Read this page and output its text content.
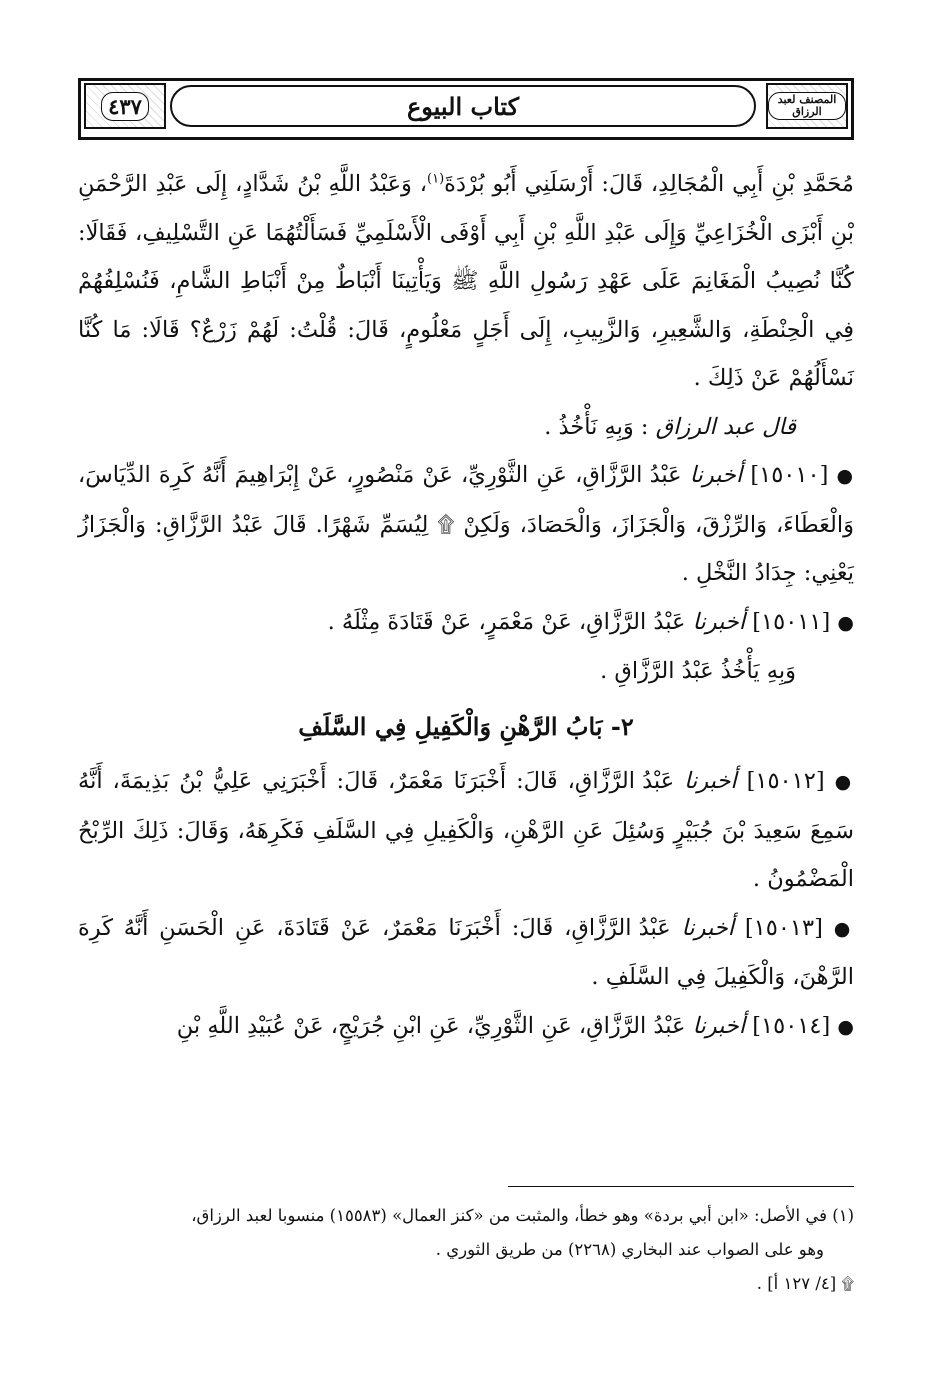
٤٣٧	كتاب البيوع	المصنف لعبد الرزاق

مُحَمَّدِ بْنِ أَبِي الْمُجَالِدِ، قَالَ: أَرْسَلَنِي أَبُو بُرْدَةَ$^{(١)}$، وَعَبْدُ اللَّهِ بْنُ شَدَّادٍ، إِلَى عَبْدِ الرَّحْمَنِ بْنِ أَبْزَى الْخُزَاعِيِّ وَإِلَى عَبْدِ اللَّهِ بْنِ أَبِي أَوْفَى الْأَسْلَمِيِّ فَسَأَلْتُهُمَا عَنِ التَّسْلِيفِ، فَقَالَا: كُنَّا نُصِيبُ الْمَغَانِمَ عَلَى عَهْدِ رَسُولِ اللَّهِ ﷺ وَيَأْتِينَا أَنْبَاطٌ مِنْ أَنْبَاطِ الشَّامِ، فَنُسْلِفُهُمْ فِي الْحِنْطَةِ، وَالشَّعِيرِ، وَالزَّبِيبِ، إِلَى أَجَلٍ مَعْلُومٍ، قَالَ: قُلْتُ: لَهُمْ زَرْعٌ؟ قَالَا: مَا كُنَّا نَسْأَلُهُمْ عَنْ ذَلِكَ .

قال عبد الرزاق : وَبِهِ نَأْخُذُ .

● [١٥٠١٠] أخبرنا عَبْدُ الرَّزَّاقِ، عَنِ الثَّوْرِيِّ، عَنْ مَنْصُورٍ، عَنْ إِبْرَاهِيمَ أَنَّهُ كَرِهَ الدِّيَاسَ، وَالْعَطَاءَ، وَالرِّزْقَ، وَالْجَزَازَ، وَالْحَصَادَ، وَلَكِنْ ۩ لِيُسَمِّ شَهْرًا. قَالَ عَبْدُ الرَّزَّاقِ: وَالْجَزَازُ يَعْنِي: جِدَادُ النَّخْلِ .

● [١٥٠١١] أخبرنا عَبْدُ الرَّزَّاقِ، عَنْ مَعْمَرٍ، عَنْ قَتَادَةَ مِثْلَهُ .

وَبِهِ يَأْخُذُ عَبْدُ الرَّزَّاقِ .

٢- بَابُ الرَّهْنِ وَالْكَفِيلِ فِي السَّلَفِ

● [١٥٠١٢] أخبرنا عَبْدُ الرَّزَّاقِ، قَالَ: أَخْبَرَنَا مَعْمَرٌ، قَالَ: أَخْبَرَنِي عَلِيُّ بْنُ بَذِيمَةَ، أَنَّهُ سَمِعَ سَعِيدَ بْنَ جُبَيْرٍ وَسُئِلَ عَنِ الرَّهْنِ، وَالْكَفِيلِ فِي السَّلَفِ فَكَرِهَهُ، وَقَالَ: ذَلِكَ الرِّبْحُ الْمَضْمُونُ .

● [١٥٠١٣] أخبرنا عَبْدُ الرَّزَّاقِ، قَالَ: أَخْبَرَنَا مَعْمَرٌ، عَنْ قَتَادَةَ، عَنِ الْحَسَنِ أَنَّهُ كَرِهَ الرَّهْنَ، وَالْكَفِيلَ فِي السَّلَفِ .

● [١٥٠١٤] أخبرنا عَبْدُ الرَّزَّاقِ، عَنِ الثَّوْرِيِّ، عَنِ ابْنِ جُرَيْجٍ، عَنْ عُبَيْدِ اللَّهِ بْنِ

(١) في الأصل: «ابن أبي بردة» وهو خطأ، والمثبت من «كنز العمال» (١٥٥٨٣) منسوبا لعبد الرزاق،

وهو على الصواب عند البخاري (٢٢٦٨) من طريق الثوري .

۩ [٤/ ١٢٧ أ] .
